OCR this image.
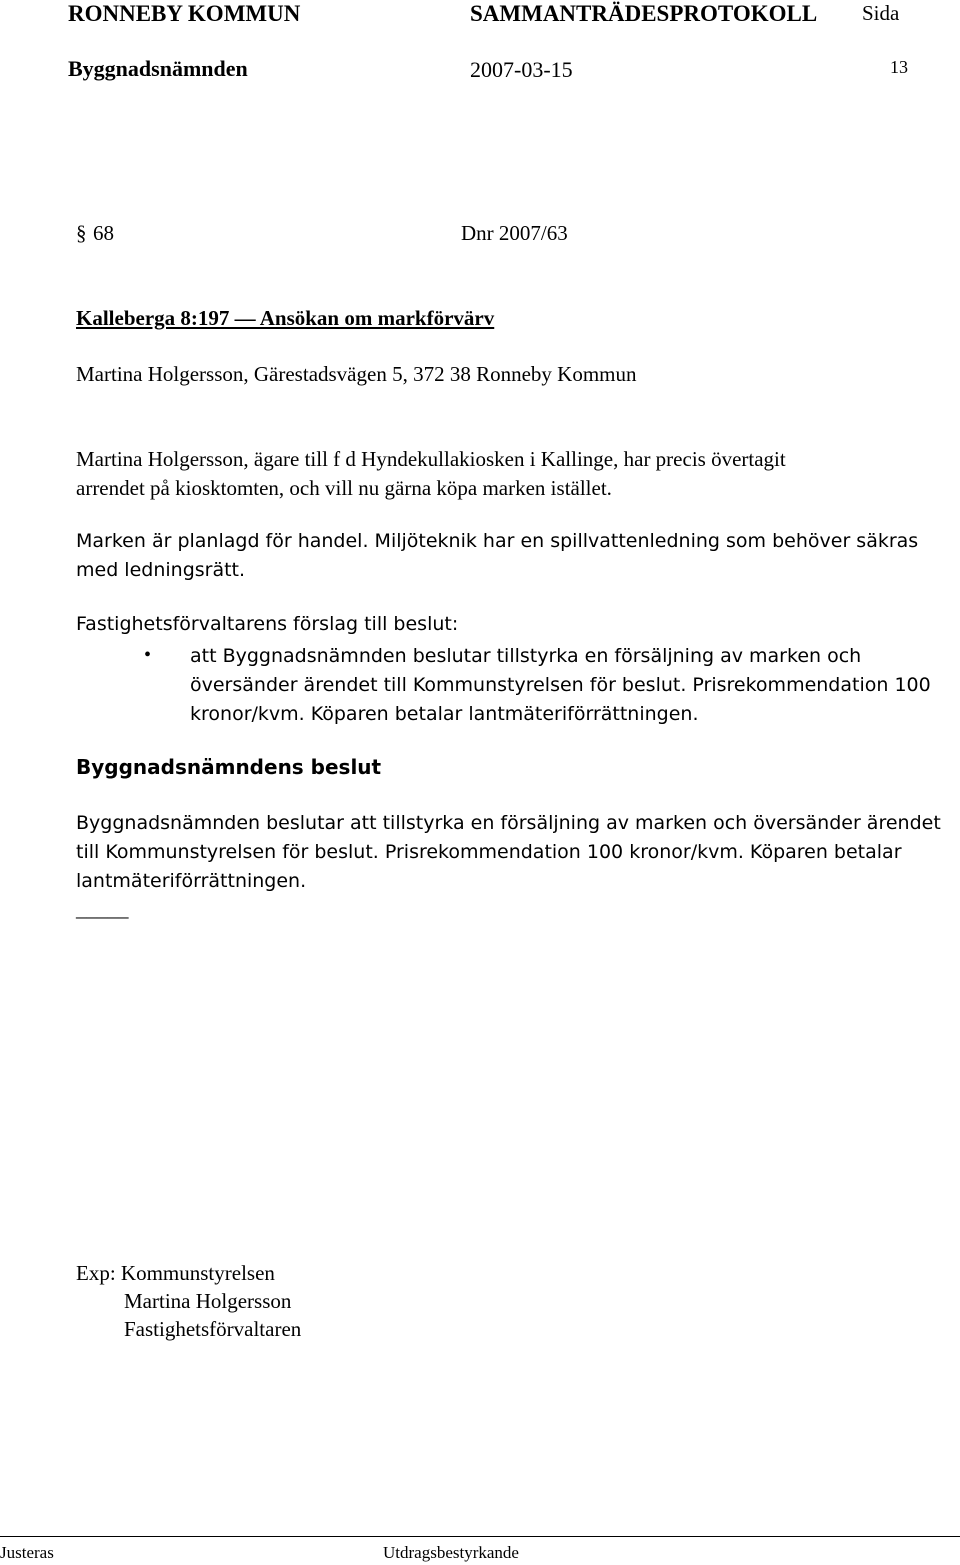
RONNEBY KOMMUN	SAMMANTRÄDESPROTOKOLL Sida
Byggnadsnämnden	2007-03-15	13
§ 68	Dnr 2007/63
Kalleberga 8:197 — Ansökan om markförvärv
Martina Holgersson, Gärestadsvägen 5, 372 38 Ronneby Kommun
Martina Holgersson, ägare till f d Hyndekullakiosken i Kallinge, har precis övertagit
arrendet på kiosktomten, och vill nu gärna köpa marken istället.
Marken är planlagd för handel. Miljöteknik har en spillvattenledning som behöver säkras
med ledningsrätt.
Fastighetsförvaltarens förslag till beslut:
• att Byggnadsnämnden beslutar tillstyrka en försäljning av marken och
översänder ärendet till Kommunstyrelsen för beslut. Prisrekommendation 100
kronor/kvm. Köparen betalar lantmäteriförrättningen.
Byggnadsnämndens beslut
Byggnadsnämnden beslutar att tillstyrka en försäljning av marken och översänder ärendet
till Kommunstyrelsen för beslut. Prisrekommendation 100 kronor/kvm. Köparen betalar
lantmäteriförrättningen.
_____
Exp: Kommunstyrelsen
Martina Holgersson
Fastighetsförvaltaren
Justeras	Utdragsbestyrkande
